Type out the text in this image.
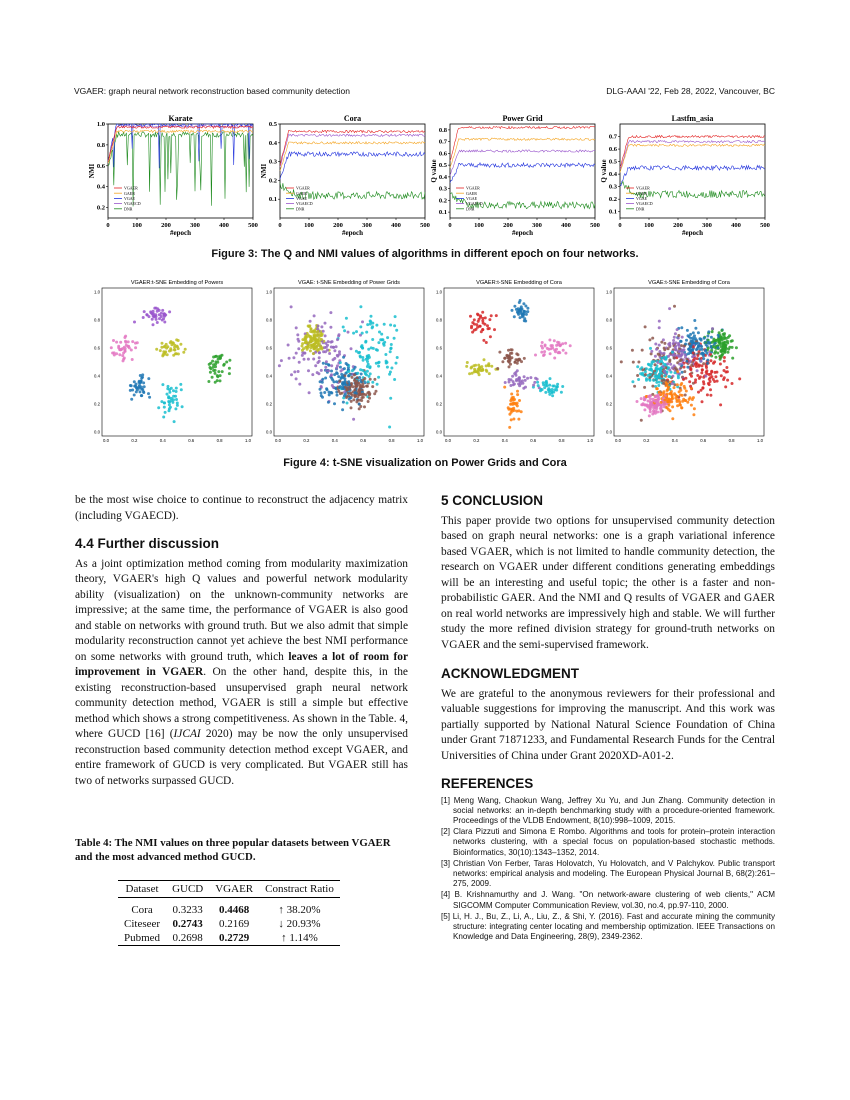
VGAER: graph neural network reconstruction based community detection	DLG-AAAI '22, Feb 28, 2022, Vancouver, BC
Karate
0	100	200	300	400	500
0.2
0.4
0.6
0.8
1.0
#epoch
NMI
VGAER
GAER
VGAE
VGAECD
DNR
Cora
0	100	200	300	400	500
0.1
0.2
0.3
0.4
0.5
#epoch
NMI
VGAER
GAER
VGAE
VGAECD
DNR
Power Grid
0	100	200	300	400	500
0.1
0.2
0.3
0.4
0.5
0.6
0.7
0.8
#epoch
Q value
VGAER
GAER
VGAE
VGAECD
DNR
Lastfm_asia
0	100	200	300	400	500
0.1
0.2
0.3
0.4
0.5
0.6
0.7
#epoch
Q value
VGAER
GAER
VGAE
VGAECD
DNR
Figure 3: The Q and NMI values of algorithms in different epoch on four networks.
VGAER:t-SNE Embedding of Powers
0.0
0.0
0.2
0.2
0.4
0.4
0.6
0.6
0.8
0.8
1.0
1.0
VGAE: t-SNE Embedding of Power Grids
0.0
0.0
0.2
0.2
0.4
0.4
0.6
0.6
0.8
0.8
1.0
1.0
VGAER:t-SNE Embedding of Cora
0.0
0.0
0.2
0.2
0.4
0.4
0.6
0.6
0.8
0.8
1.0
1.0
VGAE:t-SNE Embedding of Cora
0.0
0.0
0.2
0.2
0.4
0.4
0.6
0.6
0.8
0.8
1.0
1.0
Figure 4: t-SNE visualization on Power Grids and Cora
be the most wise choice to continue to reconstruct the adjacency matrix (including VGAECD).
4.4 Further discussion
As a joint optimization method coming from modularity maximization theory, VGAER's high Q values and powerful network modularity ability (visualization) on the unknown-community networks are impressive; at the same time, the performance of VGAER is also good and stable on networks with ground truth. But we also admit that simple modularity reconstruction cannot yet achieve the best NMI performance on some networks with ground truth, which leaves a lot of room for improvement in VGAER. On the other hand, despite this, in the existing reconstruction-based unsupervised graph neural network community detection method, VGAER is still a simple but effective method which shows a strong competitiveness. As shown in the Table. 4, where GUCD [16] (IJCAI 2020) may be now the only unsupervised reconstruction based community detection method except VGAER, and entire framework of GUCD is very complicated. But VGAER still has two of networks surpassed GUCD.
Table 4: The NMI values on three popular datasets between VGAER and the most advanced method GUCD.
Dataset	GUCD	VGAER	Constract Ratio
Cora	0.3233	0.4468	↑ 38.20%
Citeseer	0.2743	0.2169	↓ 20.93%
Pubmed	0.2698	0.2729	↑ 1.14%
5 CONCLUSION
This paper provide two options for unsupervised community detection based on graph neural networks: one is a graph variational inference based VGAER, which is not limited to handle community detection, the research on VGAER under different conditions generating embeddings will be an interesting and useful topic; the other is a faster and non-probabilistic GAER. And the NMI and Q results of VGAER and GAER on real world networks are impressively high and stable. We will further study the more refined division strategy for ground-truth networks on VGAER and the semi-supervised framework.
ACKNOWLEDGMENT
We are grateful to the anonymous reviewers for their professional and valuable suggestions for improving the manuscript. And this work was partially supported by National Natural Science Foundation of China under Grant 71871233, and Fundamental Research Funds for the Central Universities of China under Grant 2020XD-A01-2.
REFERENCES
[1] Meng Wang, Chaokun Wang, Jeffrey Xu Yu, and Jun Zhang. Community detection in social networks: an in-depth benchmarking study with a procedure-oriented framework. Proceedings of the VLDB Endowment, 8(10):998–1009, 2015.
[2] Clara Pizzuti and Simona E Rombo. Algorithms and tools for protein–protein interaction networks clustering, with a special focus on population-based stochastic methods. Bioinformatics, 30(10):1343–1352, 2014.
[3] Christian Von Ferber, Taras Holovatch, Yu Holovatch, and V Palchykov. Public transport networks: empirical analysis and modeling. The European Physical Journal B, 68(2):261–275, 2009.
[4] B. Krishnamurthy and J. Wang. "On network-aware clustering of web clients," ACM SIGCOMM Computer Communication Review, vol.30, no.4, pp.97-110, 2000.
[5] Li, H. J., Bu, Z., Li, A., Liu, Z., & Shi, Y. (2016). Fast and accurate mining the community structure: integrating center locating and membership optimization. IEEE Transactions on Knowledge and Data Engineering, 28(9), 2349-2362.
